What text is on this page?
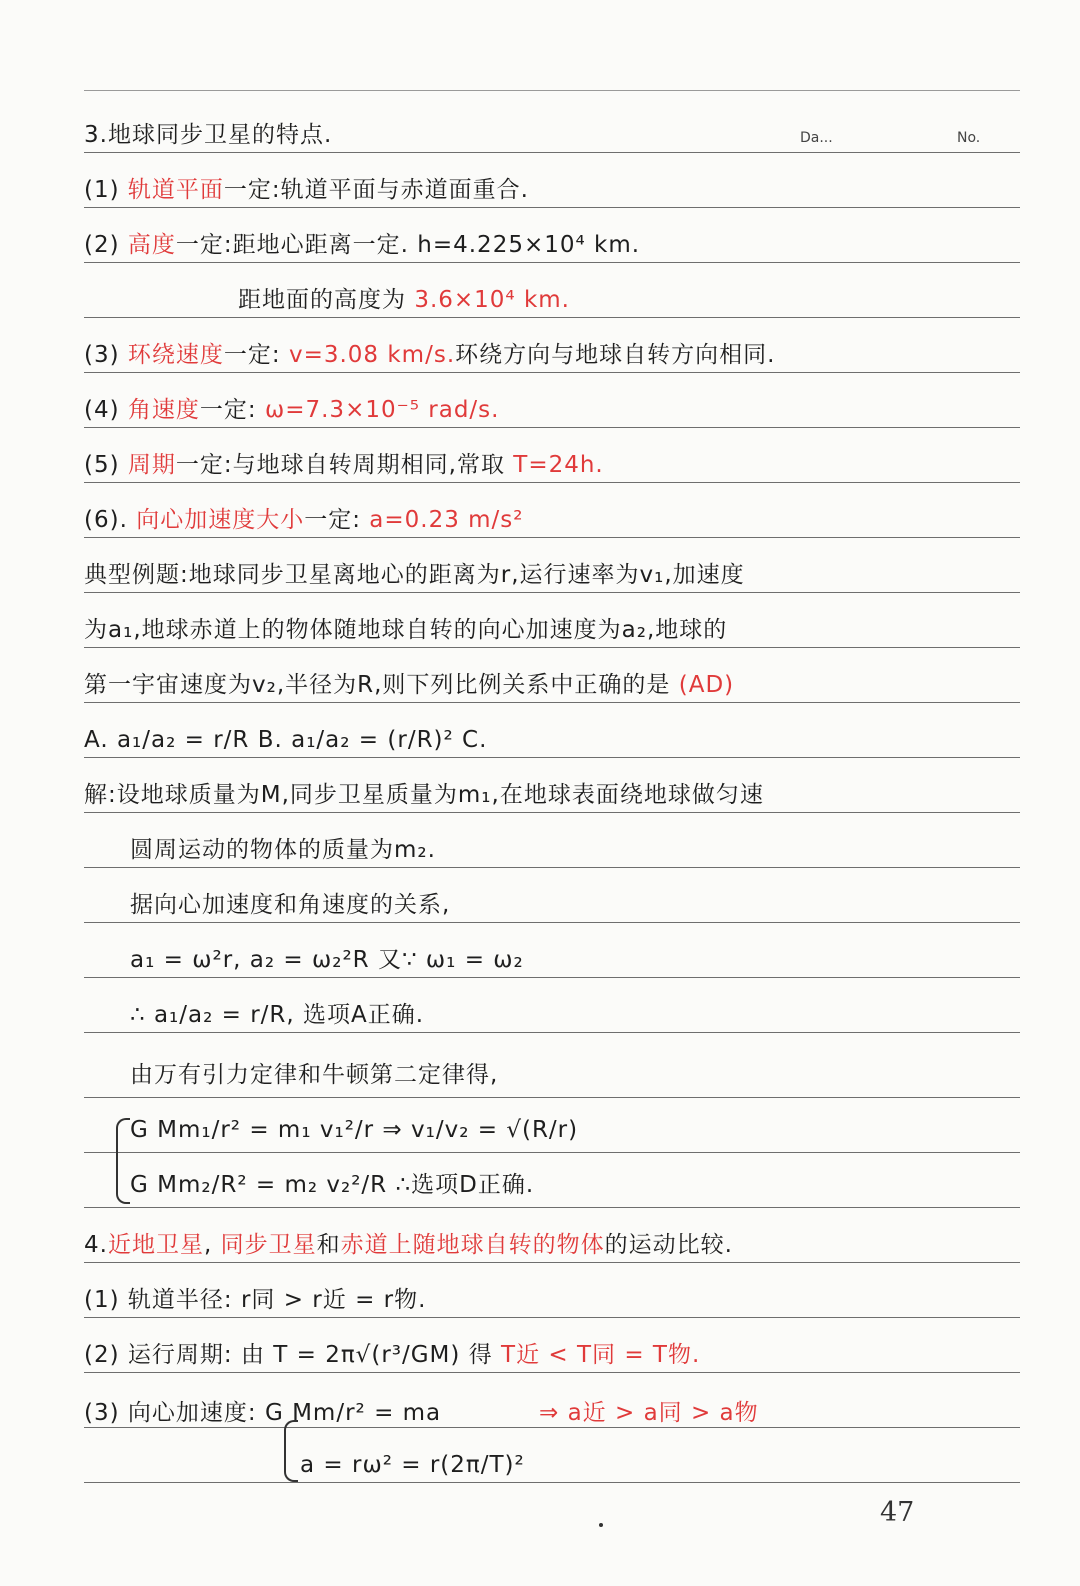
Da...	No.
3.地球同步卫星的特点.
(1) 轨道平面一定:轨道平面与赤道面重合.
(2) 高度一定:距地心距离一定. h=4.225×10⁴ km.
距地面的高度为 3.6×10⁴ km.
(3) 环绕速度一定: v=3.08 km/s.环绕方向与地球自转方向相同.
(4) 角速度一定: ω=7.3×10⁻⁵ rad/s.
(5) 周期一定:与地球自转周期相同,常取 T=24h.
(6). 向心加速度大小一定: a=0.23 m/s²
典型例题:地球同步卫星离地心的距离为r,运行速率为v₁,加速度
为a₁,地球赤道上的物体随地球自转的向心加速度为a₂,地球的
第一宇宙速度为v₂,半径为R,则下列比例关系中正确的是 (AD)
A. a₁/a₂ = r/R B. a₁/a₂ = (r/R)² C.
解:设地球质量为M,同步卫星质量为m₁,在地球表面绕地球做匀速
圆周运动的物体的质量为m₂.
据向心加速度和角速度的关系,
a₁ = ω²r, a₂ = ω₂²R 又∵ ω₁ = ω₂
∴ a₁/a₂ = r/R, 选项A正确.
由万有引力定律和牛顿第二定律得,
G Mm₁/r² = m₁ v₁²/r ⇒ v₁/v₂ = √(R/r)
G Mm₂/R² = m₂ v₂²/R ∴选项D正确.
4.近地卫星, 同步卫星和赤道上随地球自转的物体的运动比较.
(1) 轨道半径: r同 > r近 = r物.
(2) 运行周期: 由 T = 2π√(r³/GM) 得 T近 < T同 = T物.
(3) 向心加速度: G Mm/r² = ma	⇒ a近 > a同 > a物
a = rω² = r(2π/T)²
47
